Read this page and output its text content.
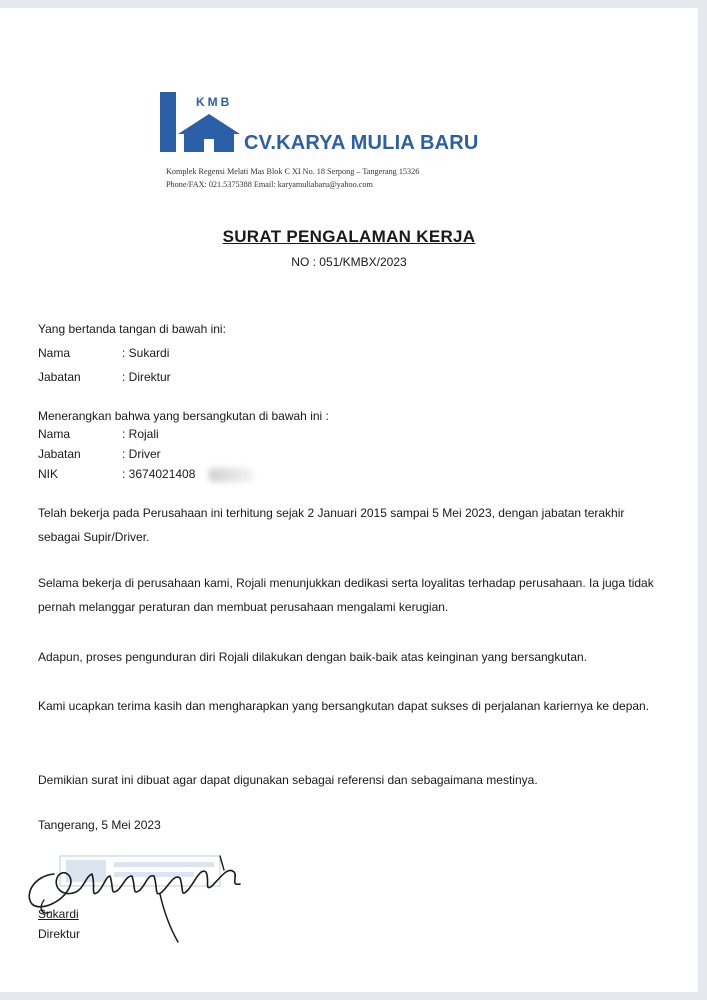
KMB
CV.KARYA MULIA BARU
Komplek Regensi Melati Mas Blok C XI No. 18 Serpong – Tangerang 15326
Phone/FAX: 021.5375388 Email: karyamuliabaru@yahoo.com
SURAT PENGALAMAN KERJA
NO : 051/KMBX/2023
Yang bertanda tangan di bawah ini:
Nama	: Sukardi
Jabatan	: Direktur
Menerangkan bahwa yang bersangkutan di bawah ini :
Nama	: Rojali
Jabatan	: Driver
NIK	: 3674021408
Telah bekerja pada Perusahaan ini terhitung sejak 2 Januari 2015 sampai 5 Mei 2023, dengan jabatan terakhir sebagai Supir/Driver.
Selama bekerja di perusahaan kami, Rojali menunjukkan dedikasi serta loyalitas terhadap perusahaan. Ia juga tidak pernah melanggar peraturan dan membuat perusahaan mengalami kerugian.
Adapun, proses pengunduran diri Rojali dilakukan dengan baik-baik atas keinginan yang bersangkutan.
Kami ucapkan terima kasih dan mengharapkan yang bersangkutan dapat sukses di perjalanan kariernya ke depan.
Demikian surat ini dibuat agar dapat digunakan sebagai referensi dan sebagaimana mestinya.
Tangerang, 5 Mei 2023
Sukardi
Direktur
